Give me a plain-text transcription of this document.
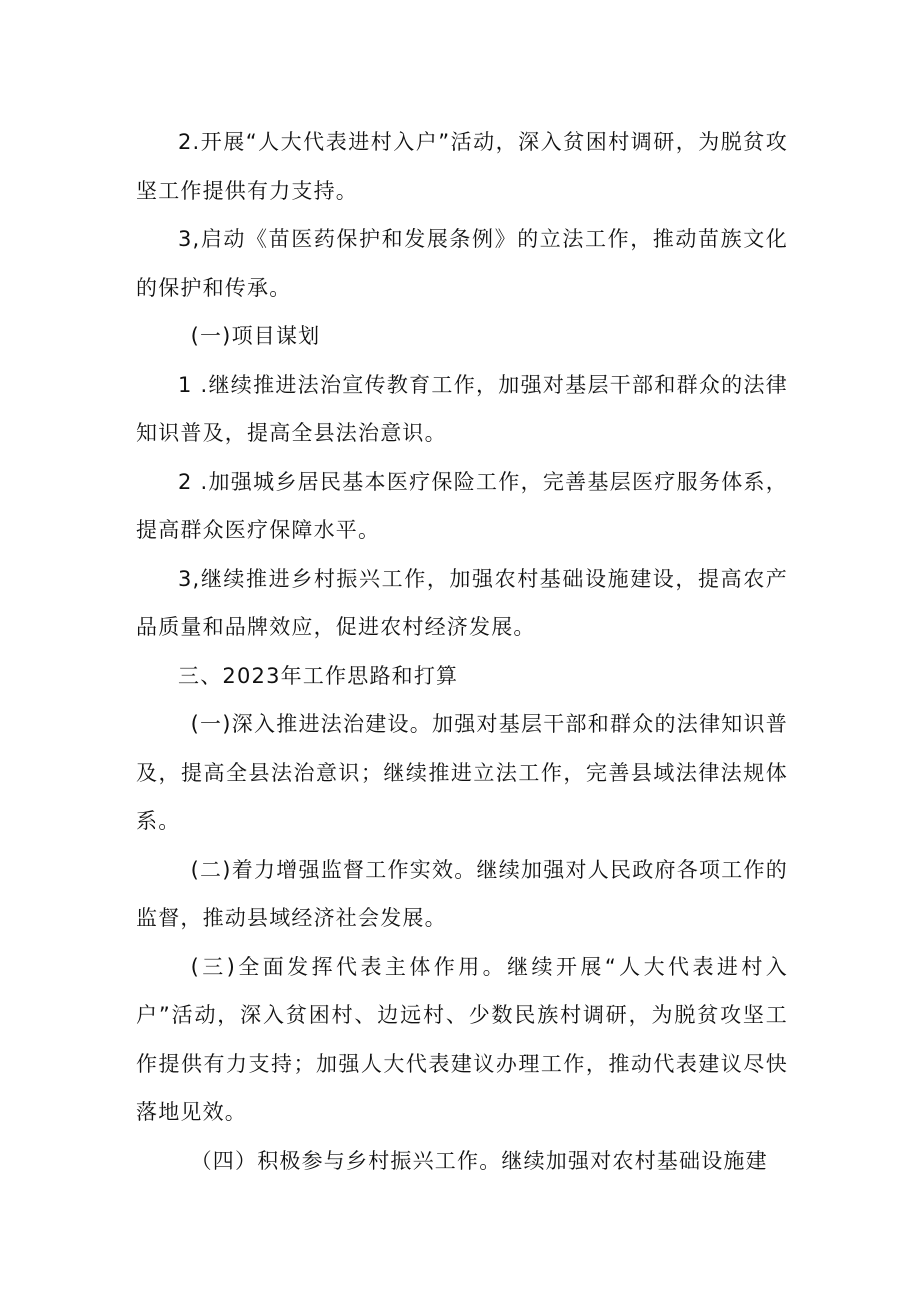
2.开展“人大代表进村入户”活动，深入贫困村调研，为脱贫攻坚工作提供有力支持。

3,启动《苗医药保护和发展条例》的立法工作，推动苗族文化的保护和传承。

(一)项目谋划

1 .继续推进法治宣传教育工作，加强对基层干部和群众的法律知识普及，提高全县法治意识。

2 .加强城乡居民基本医疗保险工作，完善基层医疗服务体系，提高群众医疗保障水平。

3,继续推进乡村振兴工作，加强农村基础设施建设，提高农产品质量和品牌效应，促进农村经济发展。

三、2023年工作思路和打算

(一)深入推进法治建设。加强对基层干部和群众的法律知识普及，提高全县法治意识；继续推进立法工作，完善县域法律法规体系。

(二)着力增强监督工作实效。继续加强对人民政府各项工作的监督，推动县域经济社会发展。

(三)全面发挥代表主体作用。继续开展“人大代表进村入户”活动，深入贫困村、边远村、少数民族村调研，为脱贫攻坚工作提供有力支持；加强人大代表建议办理工作，推动代表建议尽快落地见效。

（四）积极参与乡村振兴工作。继续加强对农村基础设施建
